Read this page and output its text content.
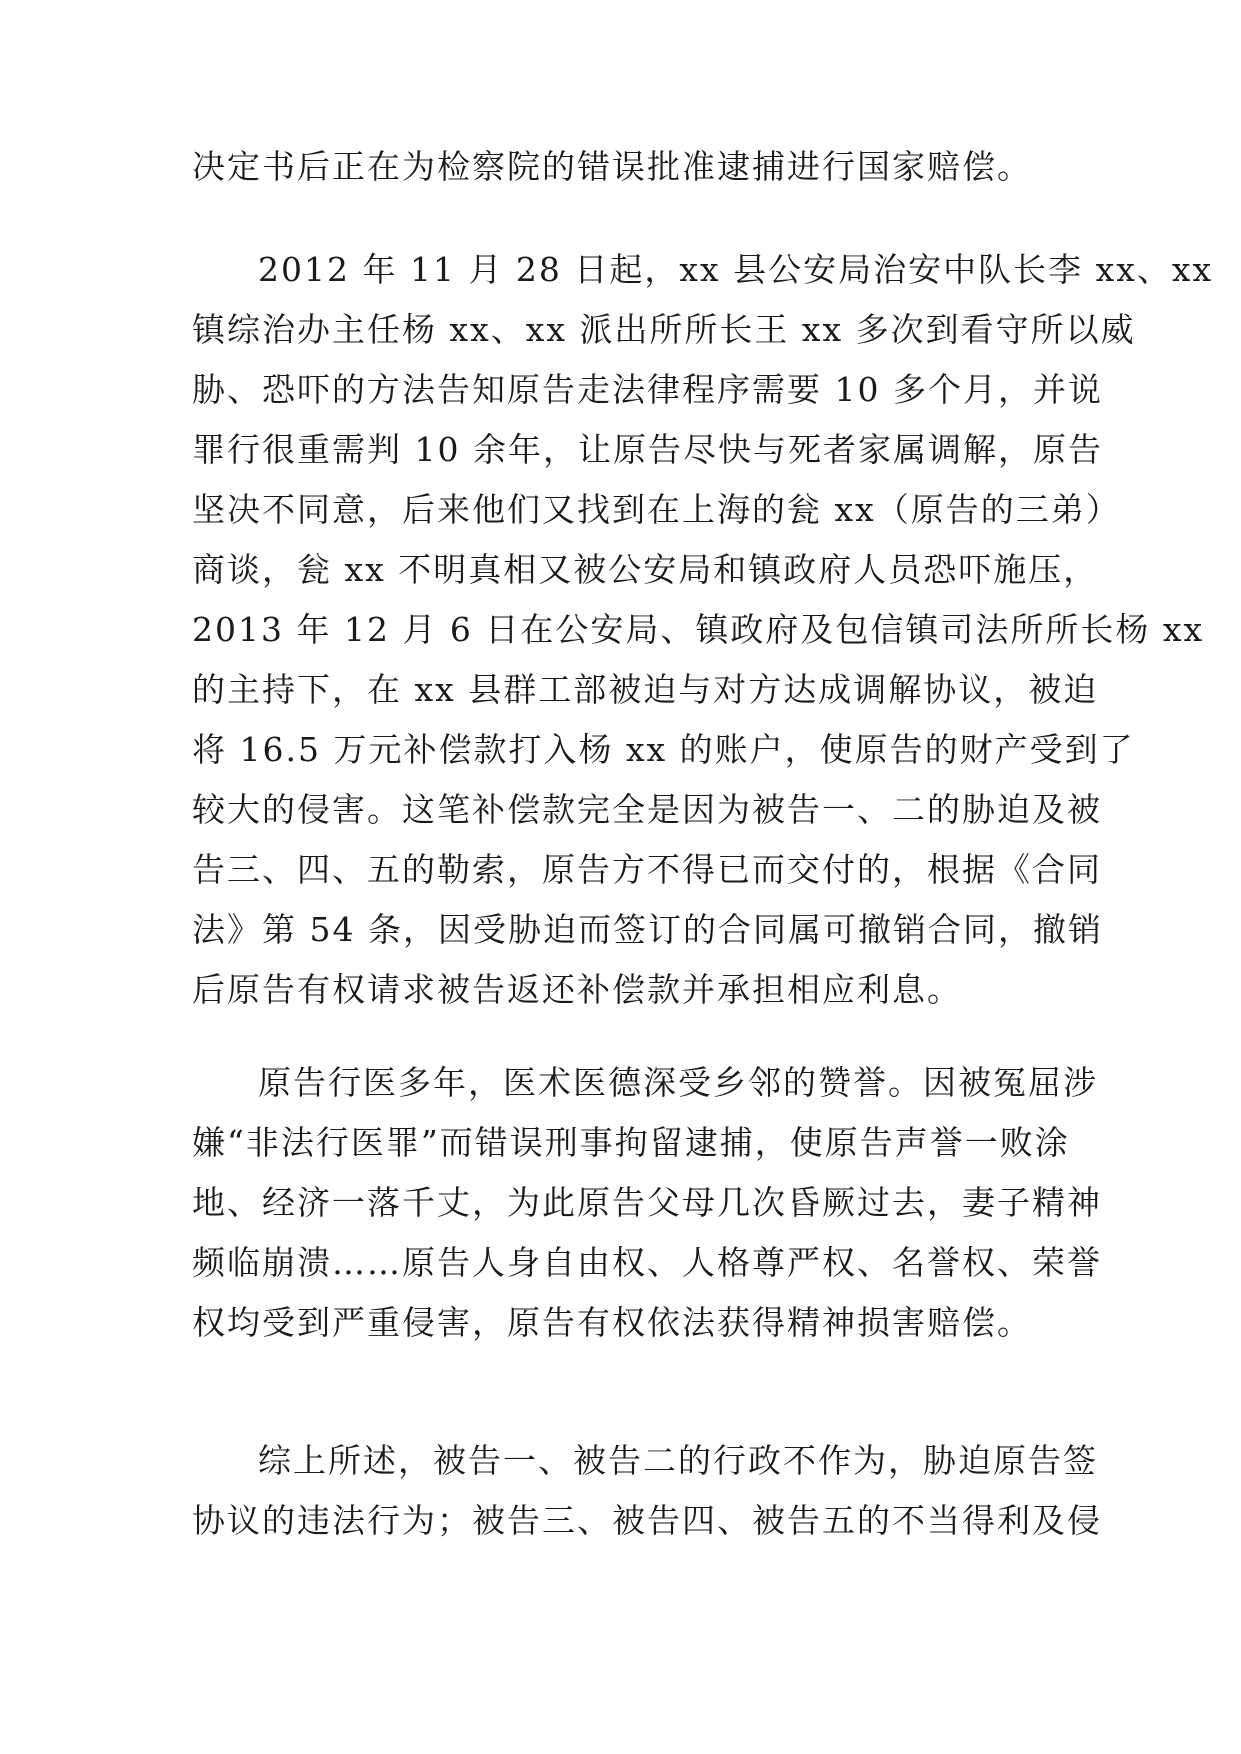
决定书后正在为检察院的错误批准逮捕进行国家赔偿。
2012 年 11 月 28 日起，xx 县公安局治安中队长李 xx、xx
镇综治办主任杨 xx、xx 派出所所长王 xx 多次到看守所以威
胁、恐吓的方法告知原告走法律程序需要 10 多个月，并说
罪行很重需判 10 余年，让原告尽快与死者家属调解，原告
坚决不同意，后来他们又找到在上海的瓮 xx（原告的三弟）
商谈，瓮 xx 不明真相又被公安局和镇政府人员恐吓施压，
2013 年 12 月 6 日在公安局、镇政府及包信镇司法所所长杨 xx
的主持下，在 xx 县群工部被迫与对方达成调解协议，被迫
将 16.5 万元补偿款打入杨 xx 的账户，使原告的财产受到了
较大的侵害。这笔补偿款完全是因为被告一、二的胁迫及被
告三、四、五的勒索，原告方不得已而交付的，根据《合同
法》第 54 条，因受胁迫而签订的合同属可撤销合同，撤销
后原告有权请求被告返还补偿款并承担相应利息。
原告行医多年，医术医德深受乡邻的赞誉。因被冤屈涉
嫌“非法行医罪”而错误刑事拘留逮捕，使原告声誉一败涂
地、经济一落千丈，为此原告父母几次昏厥过去，妻子精神
频临崩溃……原告人身自由权、人格尊严权、名誉权、荣誉
权均受到严重侵害，原告有权依法获得精神损害赔偿。
综上所述，被告一、被告二的行政不作为，胁迫原告签
协议的违法行为；被告三、被告四、被告五的不当得利及侵
